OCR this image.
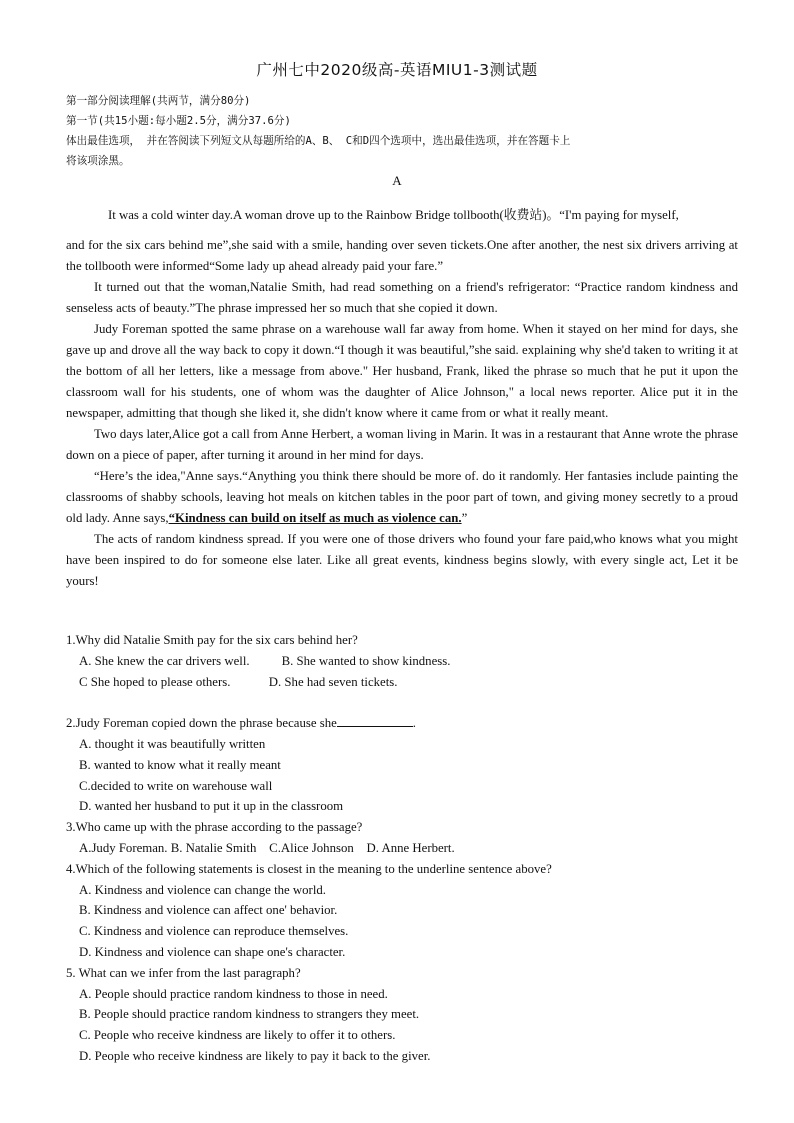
广州七中2020级高-英语MIU1-3测试题
第一部分阅读理解(共两节，满分80分)
第一节(共15小题:每小题2.5分，满分37.6分)
体出最佳选项， 并在答阅读下列短文从每题所给的A、B、 C和D四个选项中，选出最佳选项，并在答题卡上
将该项涂黑。
A

It was a cold winter day.A woman drove up to the Rainbow Bridge tollbooth(收费站)。“I'm paying for myself,

and for the six cars behind me”,she said with a smile, handing over seven tickets.One after another, the nest six drivers arriving at the tollbooth were informed“Some lady up ahead already paid your fare.”

It turned out that the woman,Natalie Smith, had read something on a friend's refrigerator: “Practice random kindness and senseless acts of beauty.”The phrase impressed her so much that she copied it down.

Judy Foreman spotted the same phrase on a warehouse wall far away from home. When it stayed on her mind for days, she gave up and drove all the way back to copy it down.“I though it was beautiful,”she said. explaining why she'd taken to writing it at the bottom of all her letters, like a message from above." Her husband, Frank, liked the phrase so much that he put it upon the classroom wall for his students, one of whom was the daughter of Alice Johnson," a local news reporter. Alice put it in the newspaper, admitting that though she liked it, she didn't know where it came from or what it really meant.

Two days later,Alice got a call from Anne Herbert, a woman living in Marin. It was in a restaurant that Anne wrote the phrase down on a piece of paper, after turning it around in her mind for days.

“Here’s the idea,"Anne says.“Anything you think there should be more of. do it randomly. Her fantasies include painting the classrooms of shabby schools, leaving hot meals on kitchen tables in the poor part of town, and giving money secretly to a proud old lady. Anne says,“Kindness can build on itself as much as violence can.”

The acts of random kindness spread. If you were one of those drivers who found your fare paid,who knows what you might have been inspired to do for someone else later. Like all great events, kindness begins slowly, with every single act, Let it be yours!

1.Why did Natalie Smith pay for the six cars behind her?

A. She knew the car drivers well.          B. She wanted to show kindness.

C She hoped to please others.            D. She had seven tickets.

2.Judy Foreman copied down the phrase because she	.

A. thought it was beautifully written

B. wanted to know what it really meant

C.decided to write on warehouse wall

D. wanted her husband to put it up in the classroom

3.Who came up with the phrase according to the passage?

A.Judy Foreman. B. Natalie Smith    C.Alice Johnson    D. Anne Herbert.

4.Which of the following statements is closest in the meaning to the underline sentence above?

A. Kindness and violence can change the world.

B. Kindness and violence can affect one' behavior.

C. Kindness and violence can reproduce themselves.

D. Kindness and violence can shape one's character.

5. What can we infer from the last paragraph?

A. People should practice random kindness to those in need.

B. People should practice random kindness to strangers they meet.

C. People who receive kindness are likely to offer it to others.

D. People who receive kindness are likely to pay it back to the giver.
